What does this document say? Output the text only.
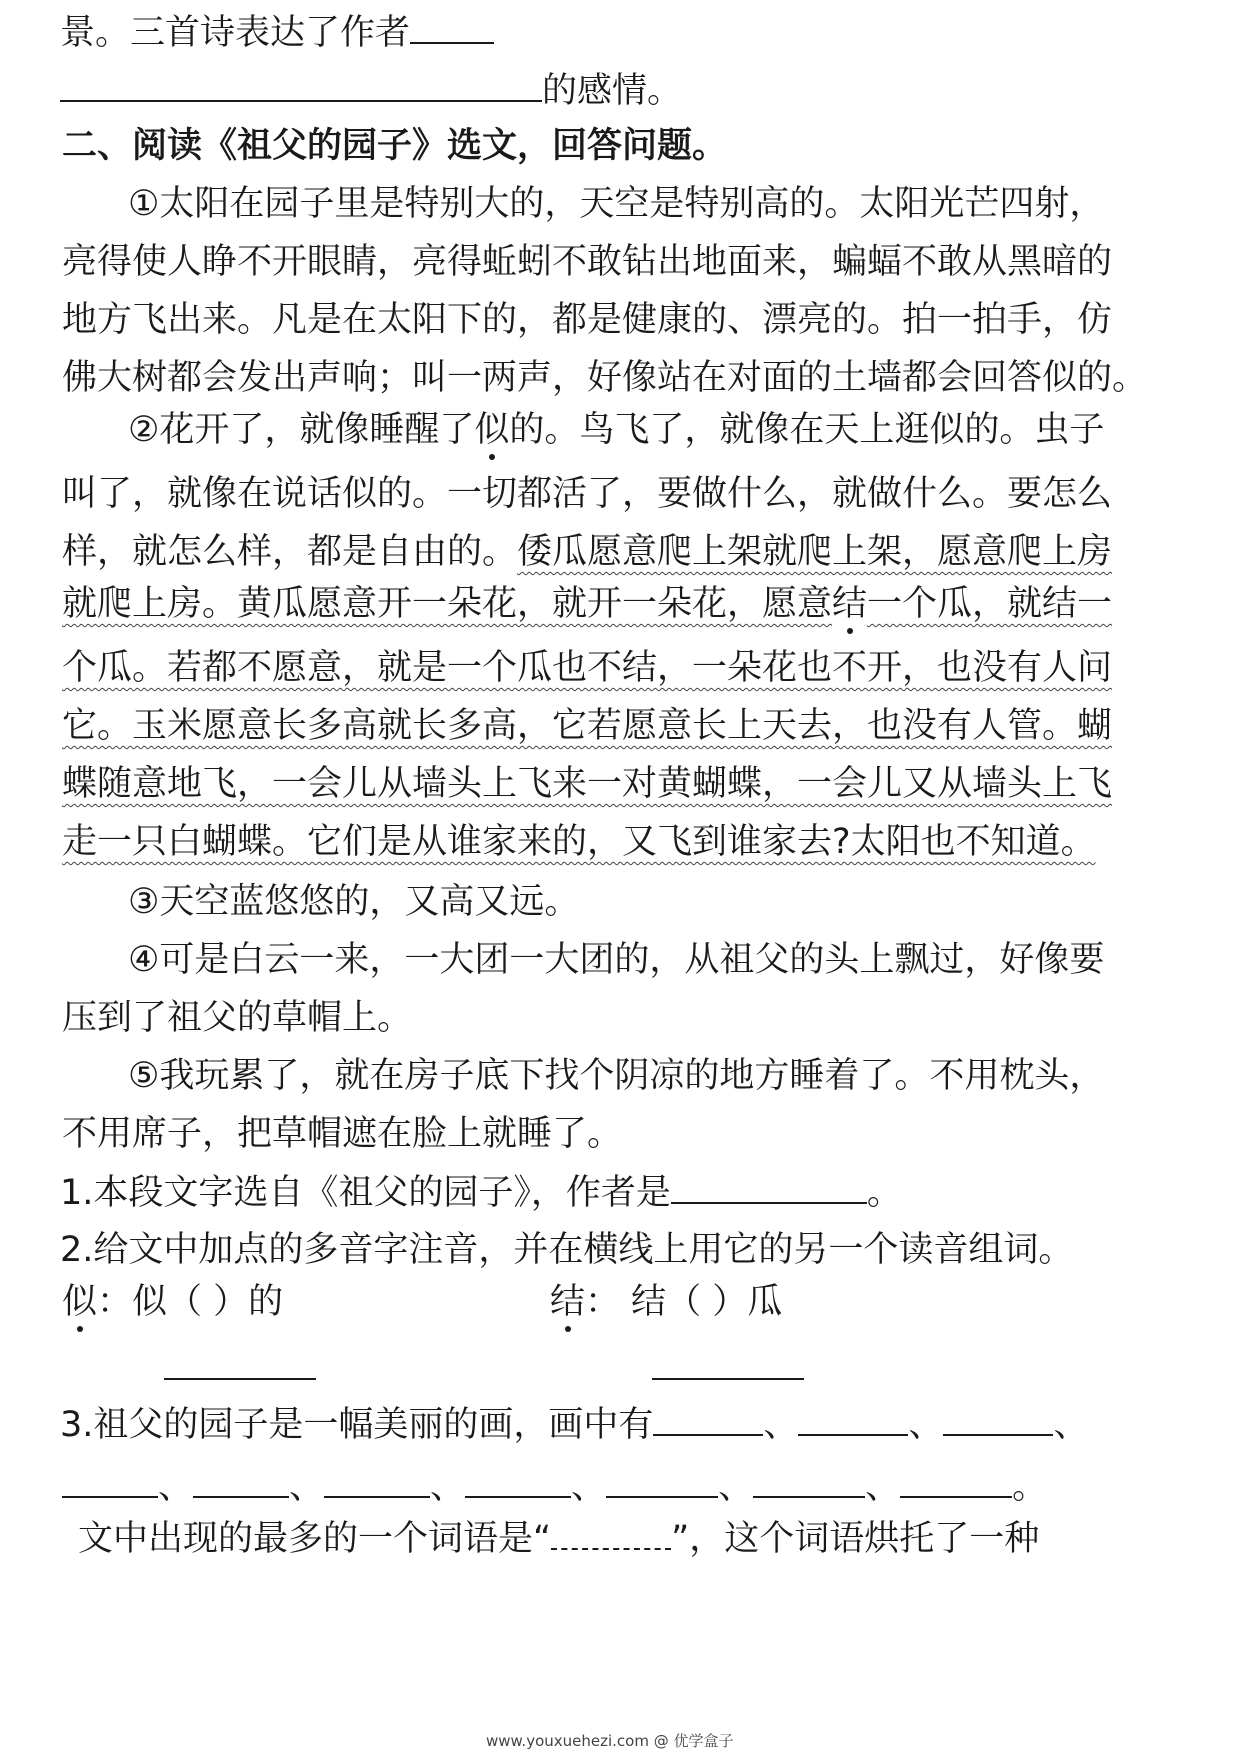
景。三首诗表达了作者
的感情。
二、阅读《祖父的园子》选文，回答问题。
①太阳在园子里是特别大的，天空是特别高的。太阳光芒四射，
亮得使人睁不开眼睛，亮得蚯蚓不敢钻出地面来，蝙蝠不敢从黑暗的
地方飞出来。凡是在太阳下的，都是健康的、漂亮的。拍一拍手，仿
佛大树都会发出声响；叫一两声，好像站在对面的土墙都会回答似的。
②花开了，就像睡醒了似的。鸟飞了，就像在天上逛似的。虫子
叫了，就像在说话似的。一切都活了，要做什么，就做什么。要怎么
样，就怎么样，都是自由的。倭瓜愿意爬上架就爬上架，愿意爬上房
就爬上房。黄瓜愿意开一朵花，就开一朵花，愿意结一个瓜，就结一
个瓜。若都不愿意，就是一个瓜也不结，一朵花也不开，也没有人问
它。玉米愿意长多高就长多高，它若愿意长上天去，也没有人管。蝴
蝶随意地飞，一会儿从墙头上飞来一对黄蝴蝶，一会儿又从墙头上飞
走一只白蝴蝶。它们是从谁家来的，又飞到谁家去?太阳也不知道。
③天空蓝悠悠的，又高又远。
④可是白云一来，一大团一大团的，从祖父的头上飘过，好像要
压到了祖父的草帽上。
⑤我玩累了，就在房子底下找个阴凉的地方睡着了。不用枕头，
不用席子，把草帽遮在脸上就睡了。
1.本段文字选自《祖父的园子》，作者是	。
2.给文中加点的多音字注音，并在横线上用它的另一个读音组词。
似：似（ ）的	结： 结（ ）瓜
3.祖父的园子是一幅美丽的画，画中有	、	、	、
、	、	、	、	、	、	。
文中出现的最多的一个词语是“	”，这个词语烘托了一种
www.youxuehezi.com @ 优学盒子
